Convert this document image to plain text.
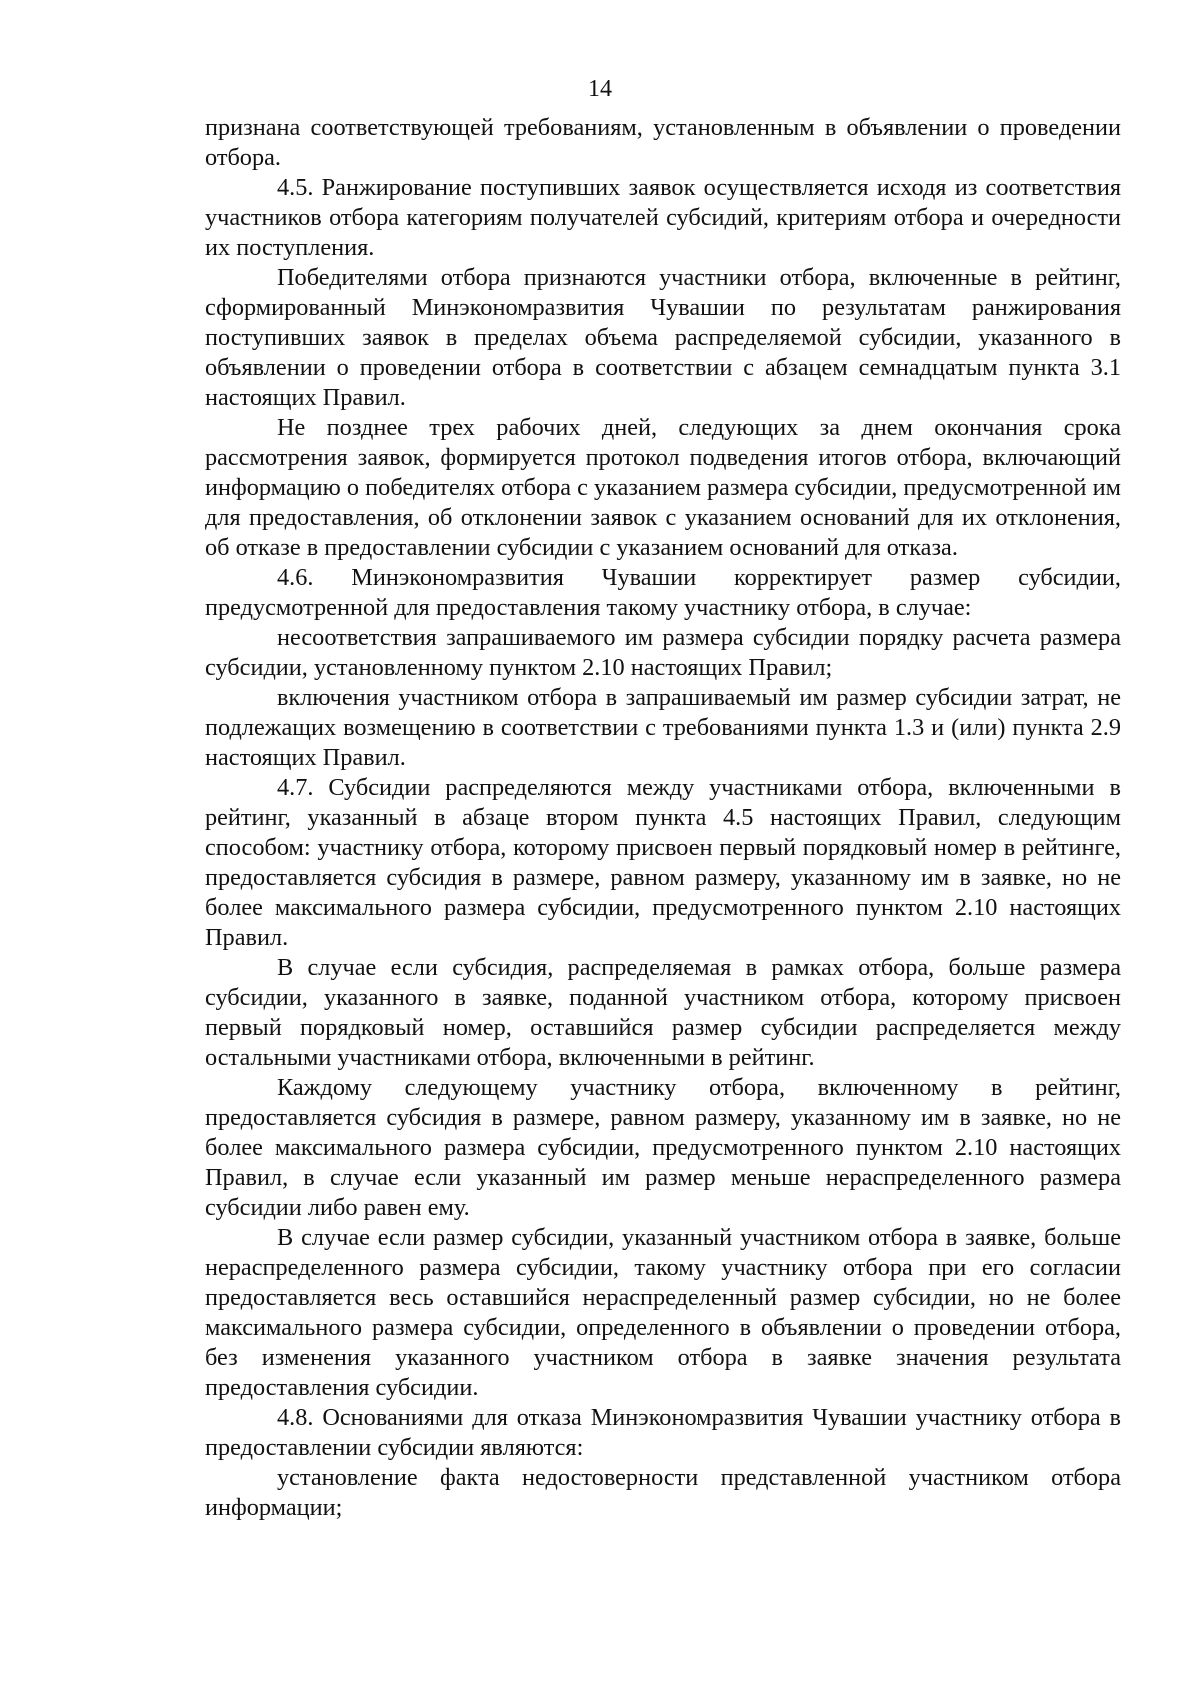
14

признана соответствующей требованиям, установленным в объявлении о проведении отбора.

4.5. Ранжирование поступивших заявок осуществляется исходя из соответствия участников отбора категориям получателей субсидий, критериям отбора и очередности их поступления.

Победителями отбора признаются участники отбора, включенные в рейтинг, сформированный Минэкономразвития Чувашии по результатам ранжирования поступивших заявок в пределах объема распределяемой субсидии, указанного в объявлении о проведении отбора в соответствии с абзацем семнадцатым пункта 3.1 настоящих Правил.

Не позднее трех рабочих дней, следующих за днем окончания срока рассмотрения заявок, формируется протокол подведения итогов отбора, включающий информацию о победителях отбора с указанием размера субсидии, предусмотренной им для предоставления, об отклонении заявок с указанием оснований для их отклонения, об отказе в предоставлении субсидии с указанием оснований для отказа.

4.6. Минэкономразвития Чувашии корректирует размер субсидии, предусмотренной для предоставления такому участнику отбора, в случае:

несоответствия запрашиваемого им размера субсидии порядку расчета размера субсидии, установленному пунктом 2.10 настоящих Правил;

включения участником отбора в запрашиваемый им размер субсидии затрат, не подлежащих возмещению в соответствии с требованиями пункта 1.3 и (или) пункта 2.9 настоящих Правил.

4.7. Субсидии распределяются между участниками отбора, включенными в рейтинг, указанный в абзаце втором пункта 4.5 настоящих Правил, следующим способом: участнику отбора, которому присвоен первый порядковый номер в рейтинге, предоставляется субсидия в размере, равном размеру, указанному им в заявке, но не более максимального размера субсидии, предусмотренного пунктом 2.10 настоящих Правил.

В случае если субсидия, распределяемая в рамках отбора, больше размера субсидии, указанного в заявке, поданной участником отбора, которому присвоен первый порядковый номер, оставшийся размер субсидии распределяется между остальными участниками отбора, включенными в рейтинг.

Каждому следующему участнику отбора, включенному в рейтинг, предоставляется субсидия в размере, равном размеру, указанному им в заявке, но не более максимального размера субсидии, предусмотренного пунктом 2.10 настоящих Правил, в случае если указанный им размер меньше нераспределенного размера субсидии либо равен ему.

В случае если размер субсидии, указанный участником отбора в заявке, больше нераспределенного размера субсидии, такому участнику отбора при его согласии предоставляется весь оставшийся нераспределенный размер субсидии, но не более максимального размера субсидии, определенного в объявлении о проведении отбора, без изменения указанного участником отбора в заявке значения результата предоставления субсидии.

4.8. Основаниями для отказа Минэкономразвития Чувашии участнику отбора в предоставлении субсидии являются:

установление факта недостоверности представленной участником отбора информации;
